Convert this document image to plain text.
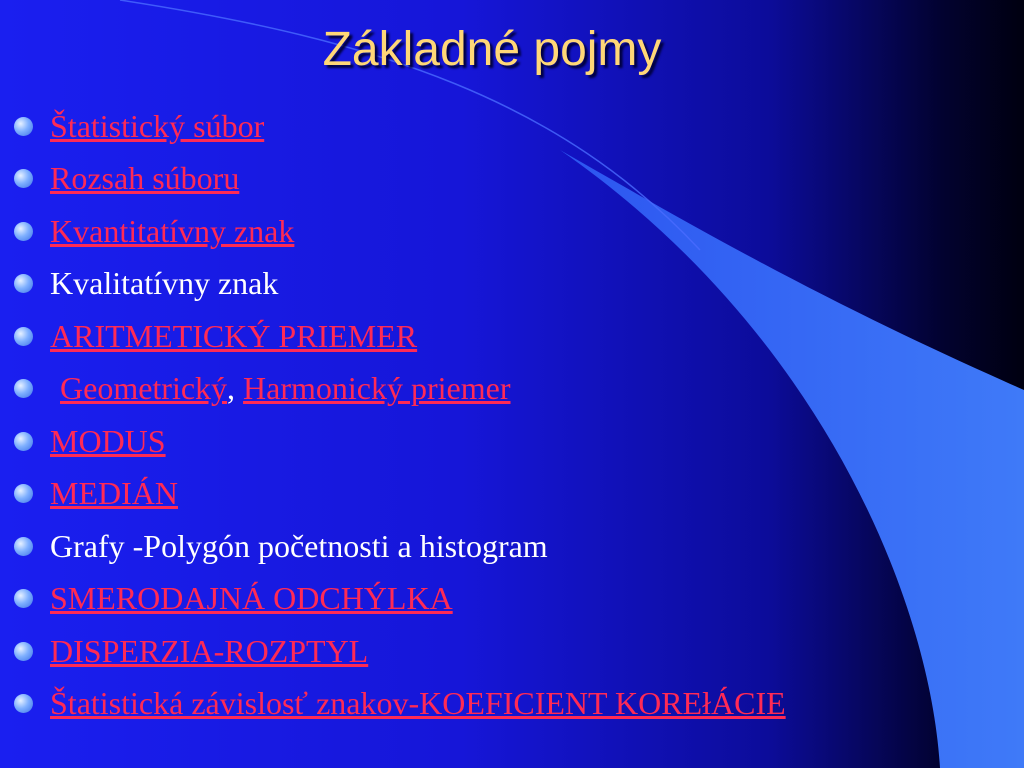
Základné pojmy
Štatistický súbor
Rozsah súboru
Kvantitatívny znak
Kvalitatívny znak
ARITMETICKÝ PRIEMER
Geometrický , Harmonický priemer
MODUS
MEDIÁN
Grafy -Polygón početnosti a histogram
SMERODAJNÁ ODCHÝLKA
DISPERZIA-ROZPTYL
Štatistická závislosť znakov-KOEFICIENT KOREłÁCIE
